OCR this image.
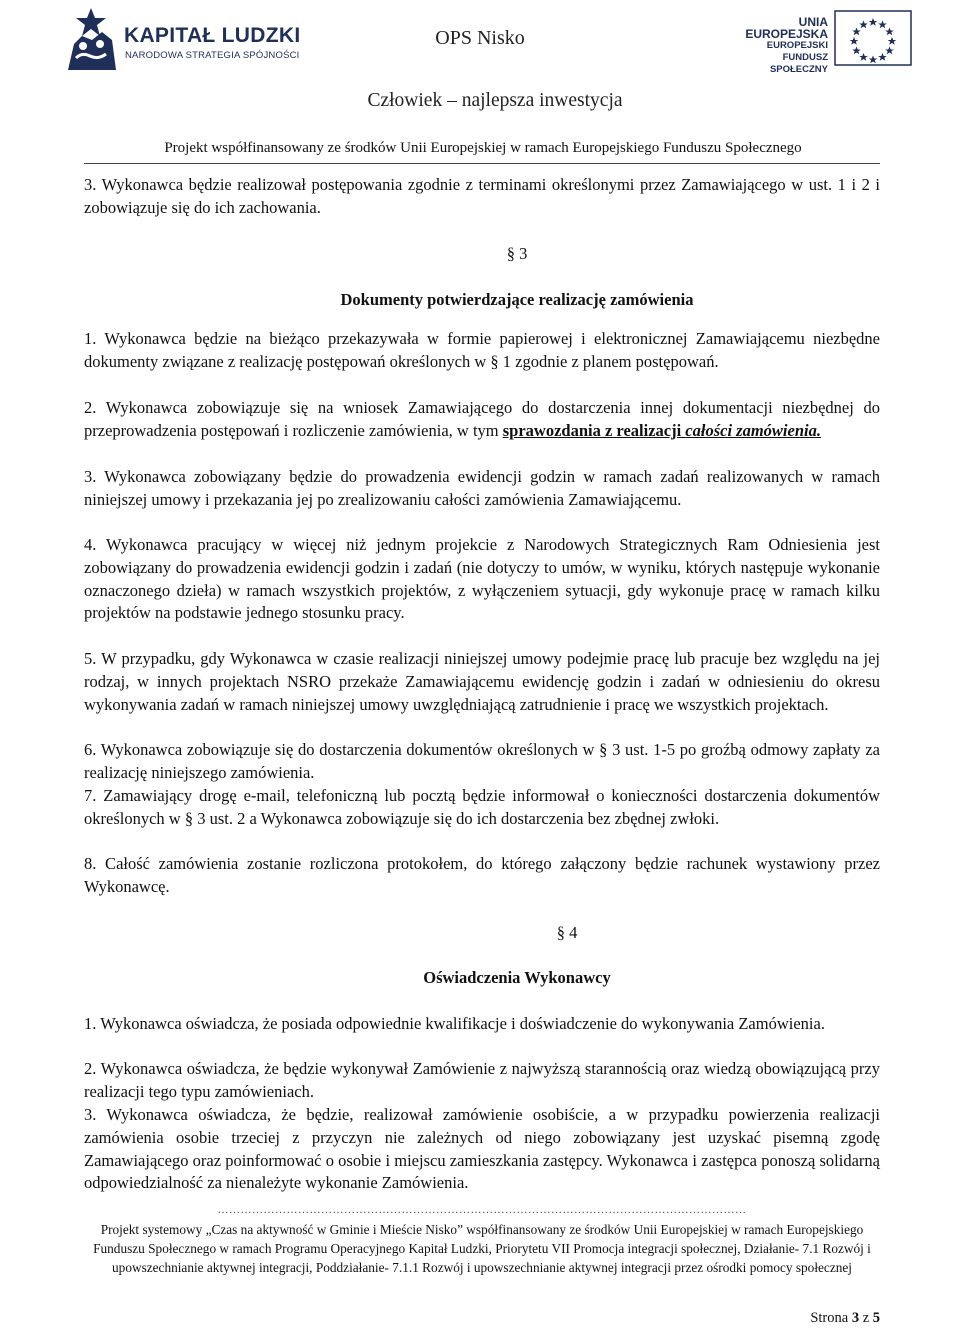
KAPITAŁ LUDZKI
NARODOWA STRATEGIA SPÓJNOŚCI
OPS Nisko
UNIA EUROPEJSKA
EUROPEJSKI
FUNDUSZ SPOŁECZNY
Człowiek – najlepsza inwestycja
Projekt współfinansowany ze środków Unii Europejskiej w ramach Europejskiego Funduszu Społecznego
3. Wykonawca będzie realizował postępowania zgodnie z terminami określonymi przez Zamawiającego w ust. 1 i 2 i zobowiązuje się do ich zachowania.
§ 3
Dokumenty potwierdzające realizację zamówienia
1. Wykonawca będzie na bieżąco przekazywała w formie papierowej i elektronicznej Zamawiającemu niezbędne dokumenty związane z realizację postępowań określonych w § 1 zgodnie z planem postępowań.
2. Wykonawca zobowiązuje się na wniosek Zamawiającego do dostarczenia innej dokumentacji niezbędnej do przeprowadzenia postępowań i rozliczenie zamówienia, w tym sprawozdania z realizacji całości zamówienia.
3. Wykonawca zobowiązany będzie do prowadzenia ewidencji godzin w ramach zadań realizowanych w ramach niniejszej umowy i przekazania jej po zrealizowaniu całości zamówienia Zamawiającemu.
4. Wykonawca pracujący w więcej niż jednym projekcie z Narodowych Strategicznych Ram Odniesienia jest zobowiązany do prowadzenia ewidencji godzin i zadań (nie dotyczy to umów, w wyniku, których następuje wykonanie oznaczonego dzieła) w ramach wszystkich projektów, z wyłączeniem sytuacji, gdy wykonuje pracę w ramach kilku projektów na podstawie jednego stosunku pracy.
5. W przypadku, gdy Wykonawca w czasie realizacji niniejszej umowy podejmie pracę lub pracuje bez względu na jej rodzaj, w innych projektach NSRO przekaże Zamawiającemu ewidencję godzin i zadań w odniesieniu do okresu wykonywania zadań w ramach niniejszej umowy uwzględniającą zatrudnienie i pracę we wszystkich projektach.
6. Wykonawca zobowiązuje się do dostarczenia dokumentów określonych w § 3 ust. 1-5 po groźbą odmowy zapłaty za realizację niniejszego zamówienia.
7. Zamawiający drogę e-mail, telefoniczną lub pocztą będzie informował o konieczności dostarczenia dokumentów określonych w § 3 ust. 2 a Wykonawca zobowiązuje się do ich dostarczenia bez zbędnej zwłoki.
8. Całość zamówienia zostanie rozliczona protokołem, do którego załączony będzie rachunek wystawiony przez Wykonawcę.
§ 4
Oświadczenia Wykonawcy
1. Wykonawca oświadcza, że posiada odpowiednie kwalifikacje i doświadczenie do wykonywania Zamówienia.
2. Wykonawca oświadcza, że będzie wykonywał Zamówienie z najwyższą starannością oraz wiedzą obowiązującą przy realizacji tego typu zamówieniach.
3. Wykonawca oświadcza, że będzie, realizował zamówienie osobiście, a w przypadku powierzenia realizacji zamówienia osobie trzeciej z przyczyn nie zależnych od niego zobowiązany jest uzyskać pisemną zgodę Zamawiającego oraz poinformować o osobie i miejscu zamieszkania zastępcy. Wykonawca i zastępca ponoszą solidarną odpowiedzialność za nienależyte wykonanie Zamówienia.
…………………………………………………………………………………………………………………………
Projekt systemowy „Czas na aktywność w Gminie i Mieście Nisko” współfinansowany ze środków Unii Europejskiej w ramach Europejskiego Funduszu Społecznego w ramach Programu Operacyjnego Kapitał Ludzki, Priorytetu VII Promocja integracji społecznej, Działanie- 7.1 Rozwój i upowszechnianie aktywnej integracji, Poddziałanie- 7.1.1 Rozwój i upowszechnianie aktywnej integracji przez ośrodki pomocy społecznej
Strona 3 z 5
